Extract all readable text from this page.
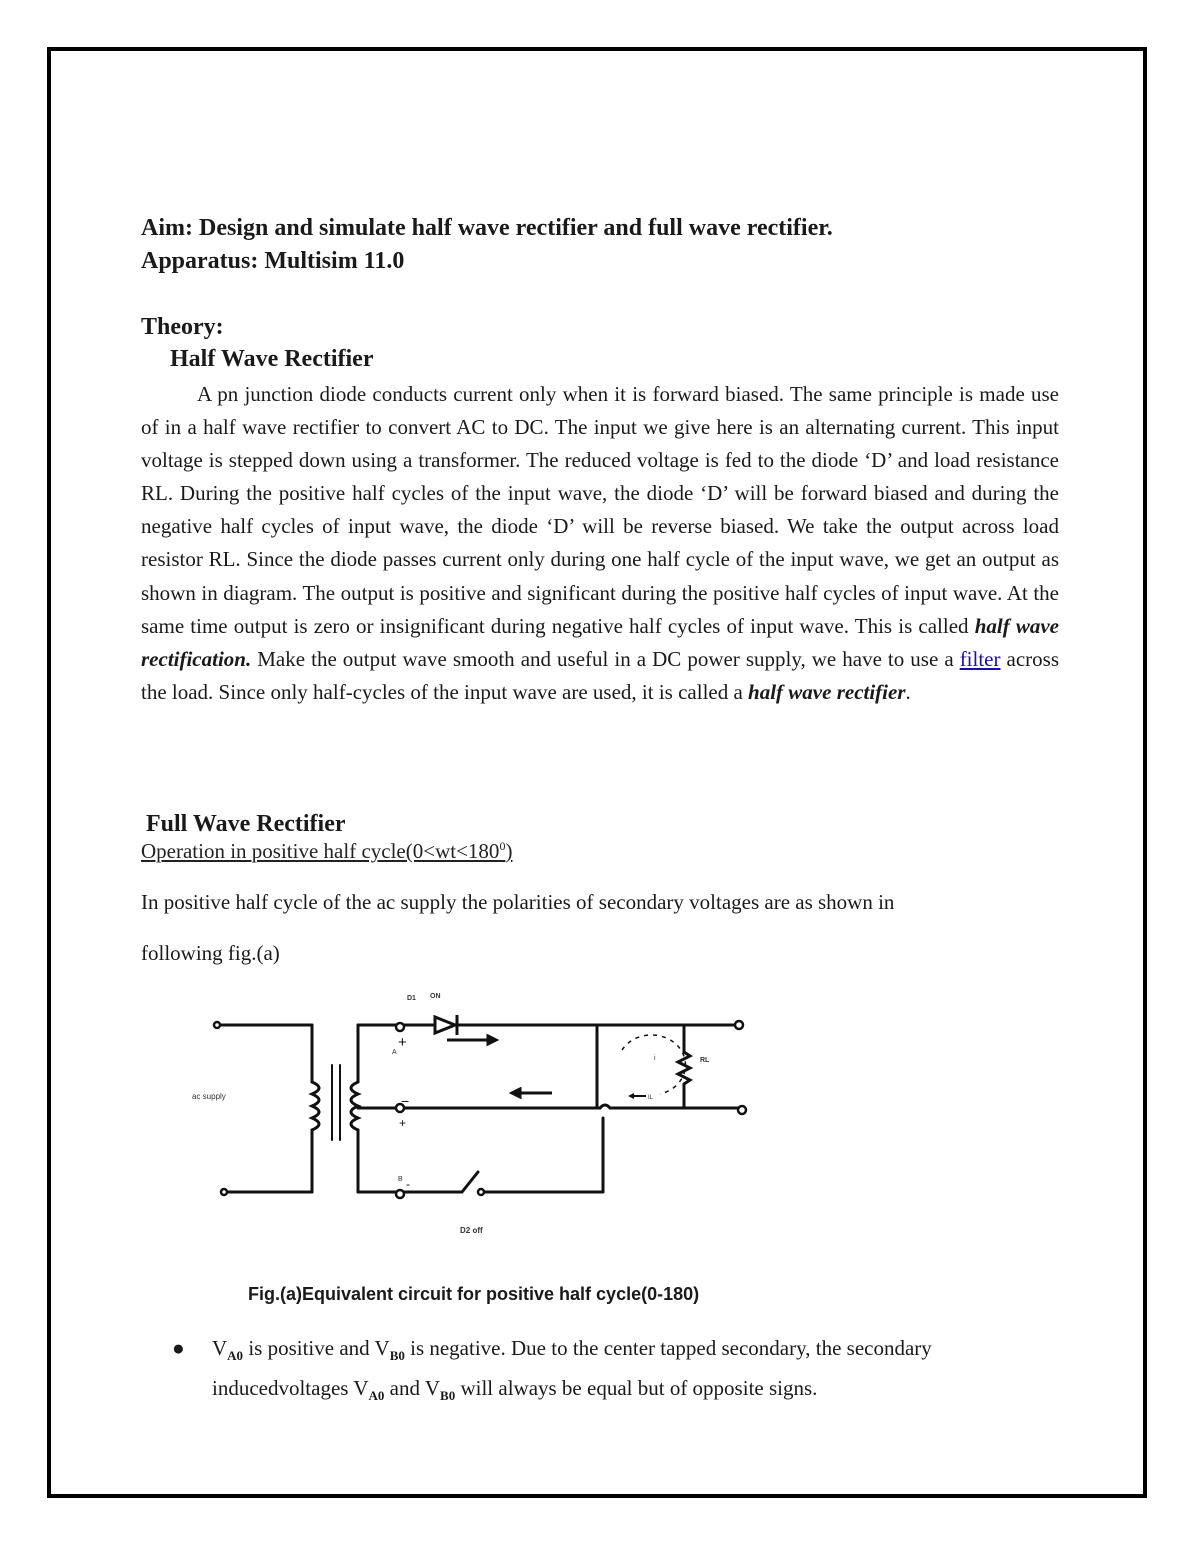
Aim: Design and simulate half wave rectifier and full wave rectifier.
Apparatus: Multisim 11.0
Theory:
Half Wave Rectifier
A pn junction diode conducts current only when it is forward biased. The same principle is made use of in a half wave rectifier to convert AC to DC. The input we give here is an alternating current. This input voltage is stepped down using a transformer. The reduced voltage is fed to the diode ‘D’ and load resistance RL. During the positive half cycles of the input wave, the diode ‘D’ will be forward biased and during the negative half cycles of input wave, the diode ‘D’ will be reverse biased. We take the output across load resistor RL. Since the diode passes current only during one half cycle of the input wave, we get an output as shown in diagram. The output is positive and significant during the positive half cycles of input wave. At the same time output is zero or insignificant during negative half cycles of input wave. This is called half wave rectification. Make the output wave smooth and useful in a DC power supply, we have to use a filter across the load. Since only half-cycles of the input wave are used, it is called a half wave rectifier.
Full Wave Rectifier
Operation in positive half $cycle(0<wt<180^0)$
In positive half cycle of the ac supply the polarities of secondary voltages are as shown in
following fig.(a)
ac supply
D1 ON
+
A
−
+
B -
RL
i
IL
D2 off
Fig.(a)Equivalent circuit for positive half cycle(0-180)
● $V_{A0}$ is positive and $V_{B0}$ is negative. Due to the center tapped secondary, the secondary inducedvoltages $V_{A0}$ and $V_{B0}$ will always be equal but of opposite signs.
